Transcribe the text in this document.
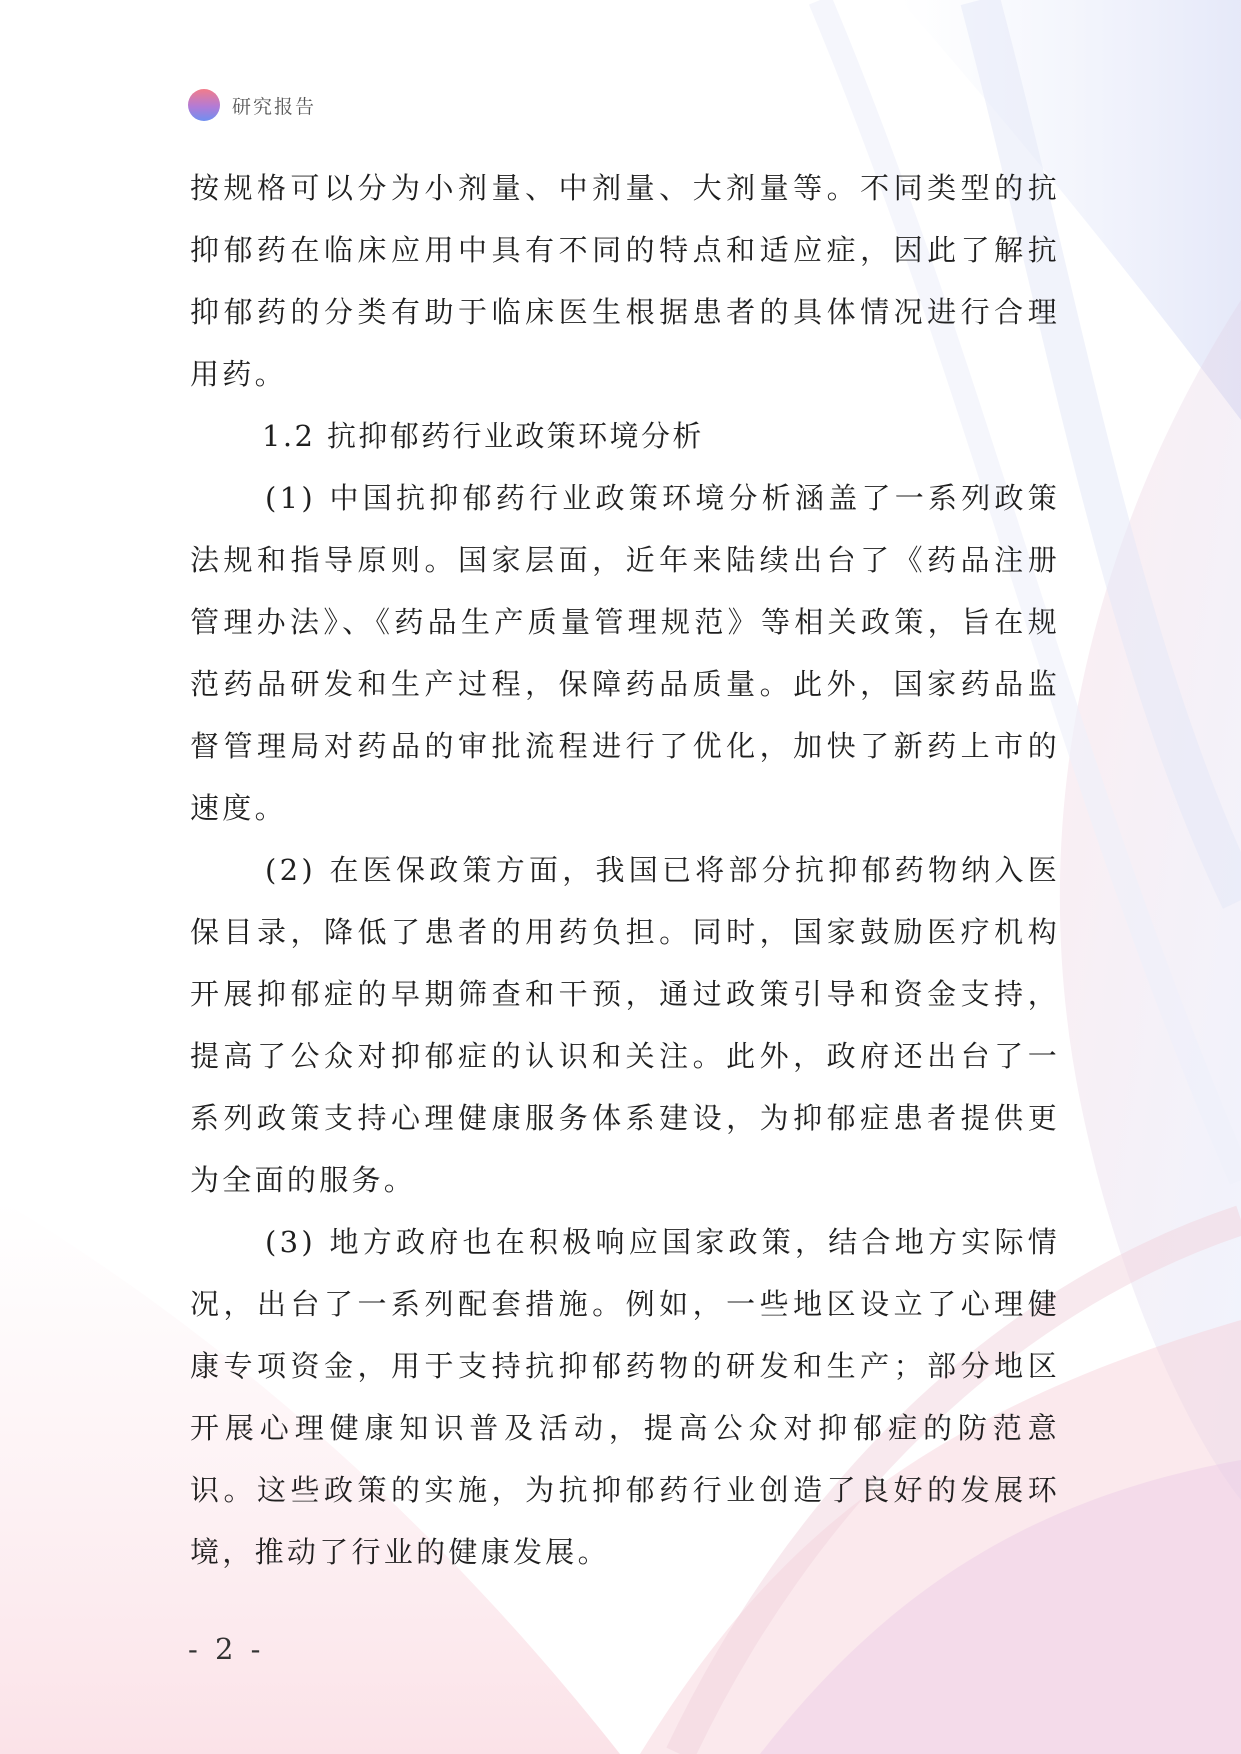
研究报告

按规格可以分为小剂量、中剂量、大剂量等。不同类型的抗抑郁药在临床应用中具有不同的特点和适应症，因此了解抗抑郁药的分类有助于临床医生根据患者的具体情况进行合理用药。

1.2 抗抑郁药行业政策环境分析

(1) 中国抗抑郁药行业政策环境分析涵盖了一系列政策法规和指导原则。国家层面，近年来陆续出台了《药品注册管理办法》、《药品生产质量管理规范》等相关政策，旨在规范药品研发和生产过程，保障药品质量。此外，国家药品监督管理局对药品的审批流程进行了优化，加快了新药上市的速度。

(2) 在医保政策方面，我国已将部分抗抑郁药物纳入医保目录，降低了患者的用药负担。同时，国家鼓励医疗机构开展抑郁症的早期筛查和干预，通过政策引导和资金支持，提高了公众对抑郁症的认识和关注。此外，政府还出台了一系列政策支持心理健康服务体系建设，为抑郁症患者提供更为全面的服务。

(3) 地方政府也在积极响应国家政策，结合地方实际情况，出台了一系列配套措施。例如，一些地区设立了心理健康专项资金，用于支持抗抑郁药物的研发和生产；部分地区开展心理健康知识普及活动，提高公众对抑郁症的防范意识。这些政策的实施，为抗抑郁药行业创造了良好的发展环境，推动了行业的健康发展。

- 2 -
